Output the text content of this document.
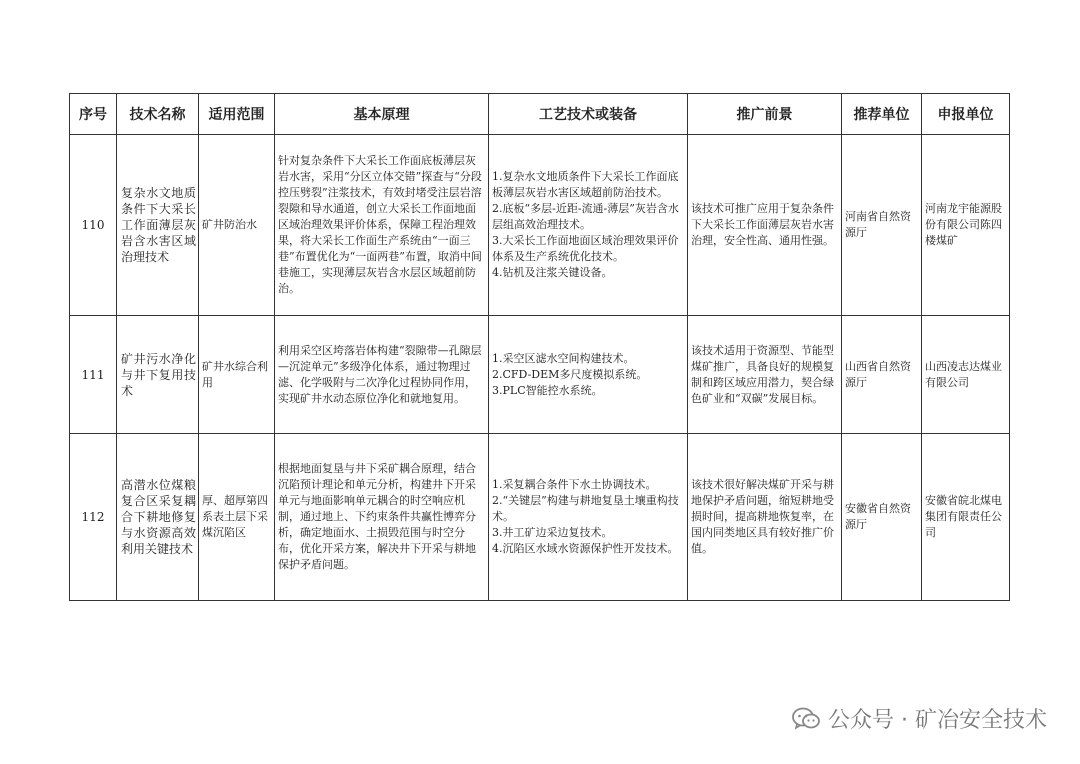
序号	技术名称	适用范围	基本原理	工艺技术或装备	推广前景	推荐单位	申报单位
110	复杂水文地质条件下大采长工作面薄层灰岩含水害区域治理技术	矿井防治水	针对复杂条件下大采长工作面底板薄层灰岩水害，采用“分区立体交错”探查与“分段控压劈裂”注浆技术，有效封堵受注层岩溶裂隙和导水通道，创立大采长工作面地面区域治理效果评价体系，保障工程治理效果，将大采长工作面生产系统由“一面三巷”布置优化为“一面两巷”布置，取消中间巷施工，实现薄层灰岩含水层区域超前防治。	1.复杂水文地质条件下大采长工作面底板薄层灰岩水害区域超前防治技术。

2.底板“多层-近距-流通-薄层”灰岩含水层组高效治理技术。

3.大采长工作面地面区域治理效果评价体系及生产系统优化技术。

4.钻机及注浆关键设备。	该技术可推广应用于复杂条件下大采长工作面薄层灰岩水害治理，安全性高、通用性强。	河南省自然资源厅	河南龙宇能源股份有限公司陈四楼煤矿
111	矿井污水净化与井下复用技术	矿井水综合利用	利用采空区垮落岩体构建“裂隙带—孔隙层—沉淀单元”多级净化体系，通过物理过滤、化学吸附与二次净化过程协同作用，实现矿井水动态原位净化和就地复用。	1.采空区滤水空间构建技术。

2.CFD-DEM多尺度模拟系统。

3.PLC智能控水系统。	该技术适用于资源型、节能型煤矿推广，具备良好的规模复制和跨区域应用潜力，契合绿色矿业和“双碳”发展目标。	山西省自然资源厅	山西凌志达煤业有限公司
112	高潜水位煤粮复合区采复耦合下耕地修复与水资源高效利用关键技术	厚、超厚第四系表土层下采煤沉陷区	根据地面复垦与井下采矿耦合原理，结合沉陷预计理论和单元分析，构建井下开采单元与地面影响单元耦合的时空响应机制，通过地上、下约束条件共赢性博弈分析，确定地面水、土损毁范围与时空分布，优化开采方案，解决井下开采与耕地保护矛盾问题。	1.采复耦合条件下水土协调技术。

2.“关键层”构建与耕地复垦土壤重构技术。

3.井工矿边采边复技术。

4.沉陷区水域水资源保护性开发技术。	该技术很好解决煤矿开采与耕地保护矛盾问题，缩短耕地受损时间，提高耕地恢复率，在国内同类地区具有较好推广价值。	安徽省自然资源厅	安徽省皖北煤电集团有限责任公司
公众号 · 矿冶安全技术
